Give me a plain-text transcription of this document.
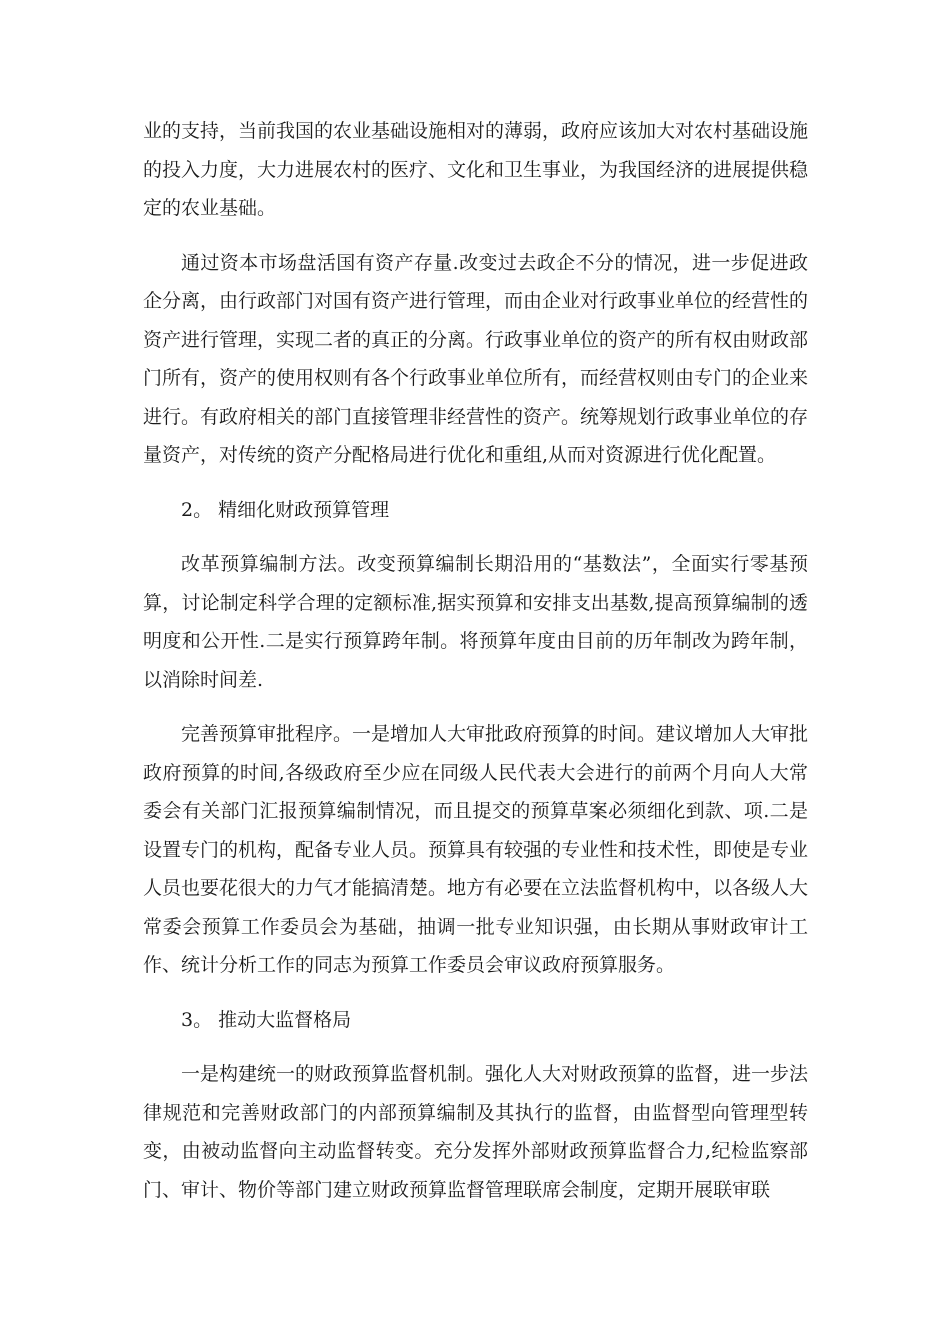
业的支持，当前我国的农业基础设施相对的薄弱，政府应该加大对农村基础设施的投入力度，大力进展农村的医疗、文化和卫生事业，为我国经济的进展提供稳定的农业基础。

通过资本市场盘活国有资产存量.改变过去政企不分的情况，进一步促进政企分离，由行政部门对国有资产进行管理，而由企业对行政事业单位的经营性的资产进行管理，实现二者的真正的分离。行政事业单位的资产的所有权由财政部门所有，资产的使用权则有各个行政事业单位所有，而经营权则由专门的企业来进行。有政府相关的部门直接管理非经营性的资产。统筹规划行政事业单位的存量资产，对传统的资产分配格局进行优化和重组,从而对资源进行优化配置。

2。 精细化财政预算管理

改革预算编制方法。改变预算编制长期沿用的“基数法”，全面实行零基预算，讨论制定科学合理的定额标准,据实预算和安排支出基数,提高预算编制的透明度和公开性.二是实行预算跨年制。将预算年度由目前的历年制改为跨年制，以消除时间差.

完善预算审批程序。一是增加人大审批政府预算的时间。建议增加人大审批政府预算的时间,各级政府至少应在同级人民代表大会进行的前两个月向人大常委会有关部门汇报预算编制情况，而且提交的预算草案必须细化到款、项.二是设置专门的机构，配备专业人员。预算具有较强的专业性和技术性，即使是专业人员也要花很大的力气才能搞清楚。地方有必要在立法监督机构中，以各级人大常委会预算工作委员会为基础，抽调一批专业知识强，由长期从事财政审计工作、统计分析工作的同志为预算工作委员会审议政府预算服务。

3。 推动大监督格局

一是构建统一的财政预算监督机制。强化人大对财政预算的监督，进一步法律规范和完善财政部门的内部预算编制及其执行的监督，由监督型向管理型转变，由被动监督向主动监督转变。充分发挥外部财政预算监督合力,纪检监察部门、审计、物价等部门建立财政预算监督管理联席会制度，定期开展联审联
